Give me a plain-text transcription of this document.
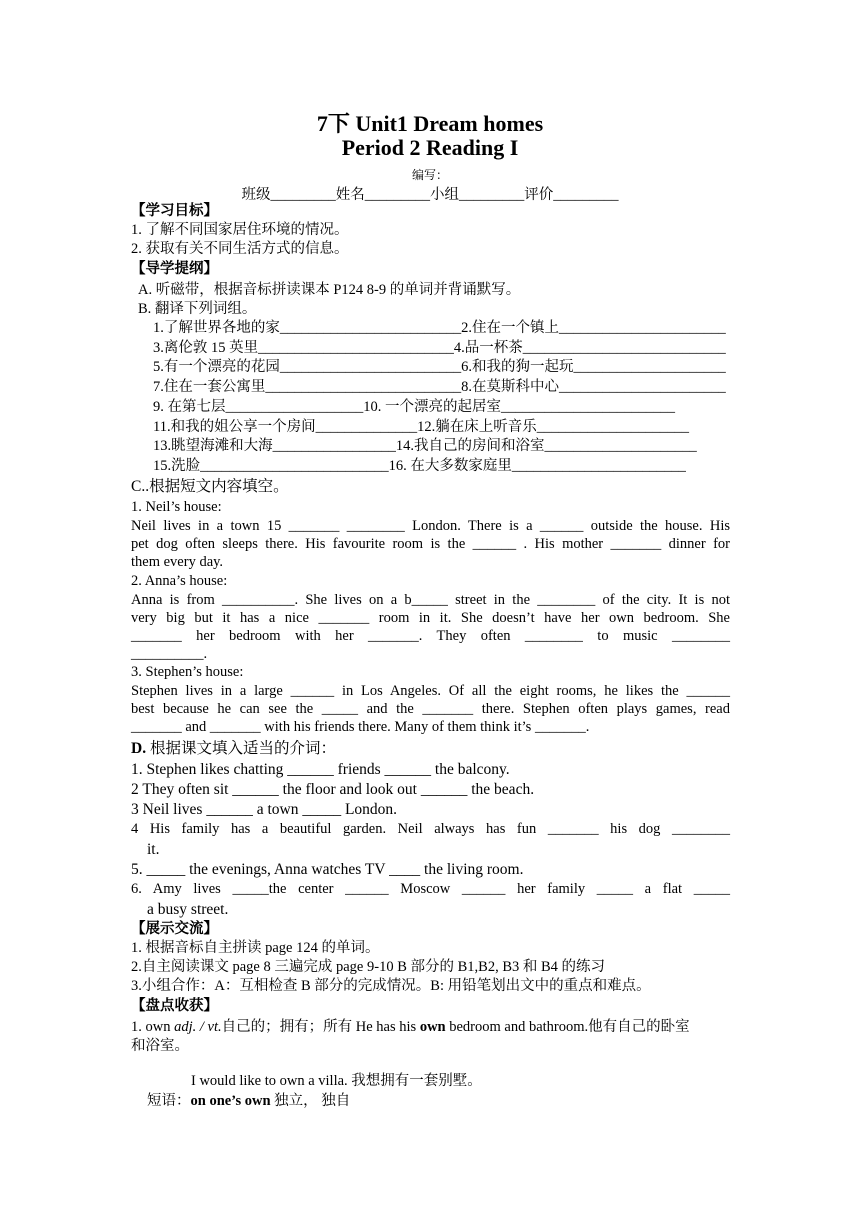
7下 Unit1 Dream homes
Period 2 Reading I
编写：
班级_________姓名_________小组_________评价_________
【学习目标】
1. 了解不同国家居住环境的情况。
2. 获取有关不同生活方式的信息。
【导学提纲】
A. 听磁带，根据音标拼读课本 P124 8-9 的单词并背诵默写。
B. 翻译下列词组。
1.了解世界各地的家_________________________2.住在一个镇上_______________________
3.离伦敦 15 英里___________________________4.品一杯茶____________________________
5.有一个漂亮的花园_________________________6.和我的狗一起玩_____________________
7.住在一套公寓里___________________________8.在莫斯科中心_______________________
9. 在第七层___________________10. 一个漂亮的起居室________________________
11.和我的姐公享一个房间______________12.躺在床上听音乐_____________________
13.眺望海滩和大海_________________14.我自己的房间和浴室_____________________
15.洗脸__________________________16. 在大多数家庭里________________________
C..根据短文内容填空。
1. Neil’s house:
Neil lives in a town 15 _______ ________ London. There is a ______ outside the house. His
pet dog often sleeps there. His favourite room is the ______ . His mother _______ dinner for
them every day.
2. Anna’s house:
Anna is from __________. She lives on a b_____ street in the ________ of the city. It is not
very big but it has a nice _______ room in it. She doesn’t have her own bedroom. She
_______ her bedroom with her _______. They often ________ to music ________
__________.
3. Stephen’s house:
Stephen lives in a large ______ in Los Angeles. Of all the eight rooms, he likes the ______
best because he can see the _____ and the _______ there. Stephen often plays games, read
_______ and _______ with his friends there. Many of them think it’s _______.
D. 根据课文填入适当的介词：
1. Stephen likes chatting ______ friends ______ the balcony.
2 They often sit ______ the floor and look out ______ the beach.
3 Neil lives ______ a town _____ London.
4 His family has a beautiful garden. Neil always has fun _______ his dog ________
it.
5. _____ the evenings, Anna watches TV ____ the living room.
6. Amy lives _____the center ______ Moscow ______ her family _____ a flat _____
a busy street.
【展示交流】
1. 根据音标自主拼读 page 124 的单词。
2.自主阅读课文 page 8 三遍完成 page 9-10 B 部分的 B1,B2, B3 和 B4 的练习
3.小组合作：A：互相检查 B 部分的完成情况。B: 用铅笔划出文中的重点和难点。
【盘点收获】
1. own adj. / vt.自己的；拥有；所有 He has his own bedroom and bathroom.他有自己的卧室
和浴室。
I would like to own a villa. 我想拥有一套别墅。
短语：on one’s own 独立， 独自
